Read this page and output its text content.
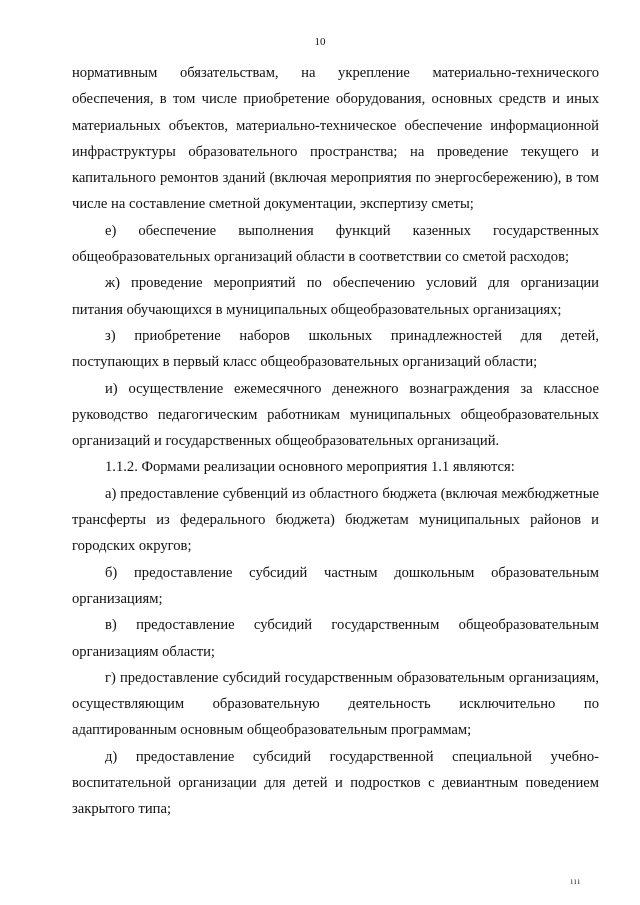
10

нормативным обязательствам, на укрепление материально-технического обеспечения, в том числе приобретение оборудования, основных средств и иных материальных объектов, материально-техническое обеспечение информационной инфраструктуры образовательного пространства; на проведение текущего и капитального ремонтов зданий (включая мероприятия по энергосбережению), в том числе на составление сметной документации, экспертизу сметы;

е) обеспечение выполнения функций казенных государственных общеобразовательных организаций области в соответствии со сметой расходов;

ж) проведение мероприятий по обеспечению условий для организации питания обучающихся в муниципальных общеобразовательных организациях;

з) приобретение наборов школьных принадлежностей для детей, поступающих в первый класс общеобразовательных организаций области;

и) осуществление ежемесячного денежного вознаграждения за классное руководство педагогическим работникам муниципальных общеобразовательных организаций и государственных общеобразовательных организаций.

1.1.2. Формами реализации основного мероприятия 1.1 являются:

а) предоставление субвенций из областного бюджета (включая межбюджетные трансферты из федерального бюджета) бюджетам муниципальных районов и городских округов;

б) предоставление субсидий частным дошкольным образовательным организациям;

в) предоставление субсидий государственным общеобразовательным организациям области;

г) предоставление субсидий государственным образовательным организациям, осуществляющим образовательную деятельность исключительно по адаптированным основным общеобразовательным программам;

д) предоставление субсидий государственной специальной учебно-воспитательной организации для детей и подростков с девиантным поведением закрытого типа;

ııı
